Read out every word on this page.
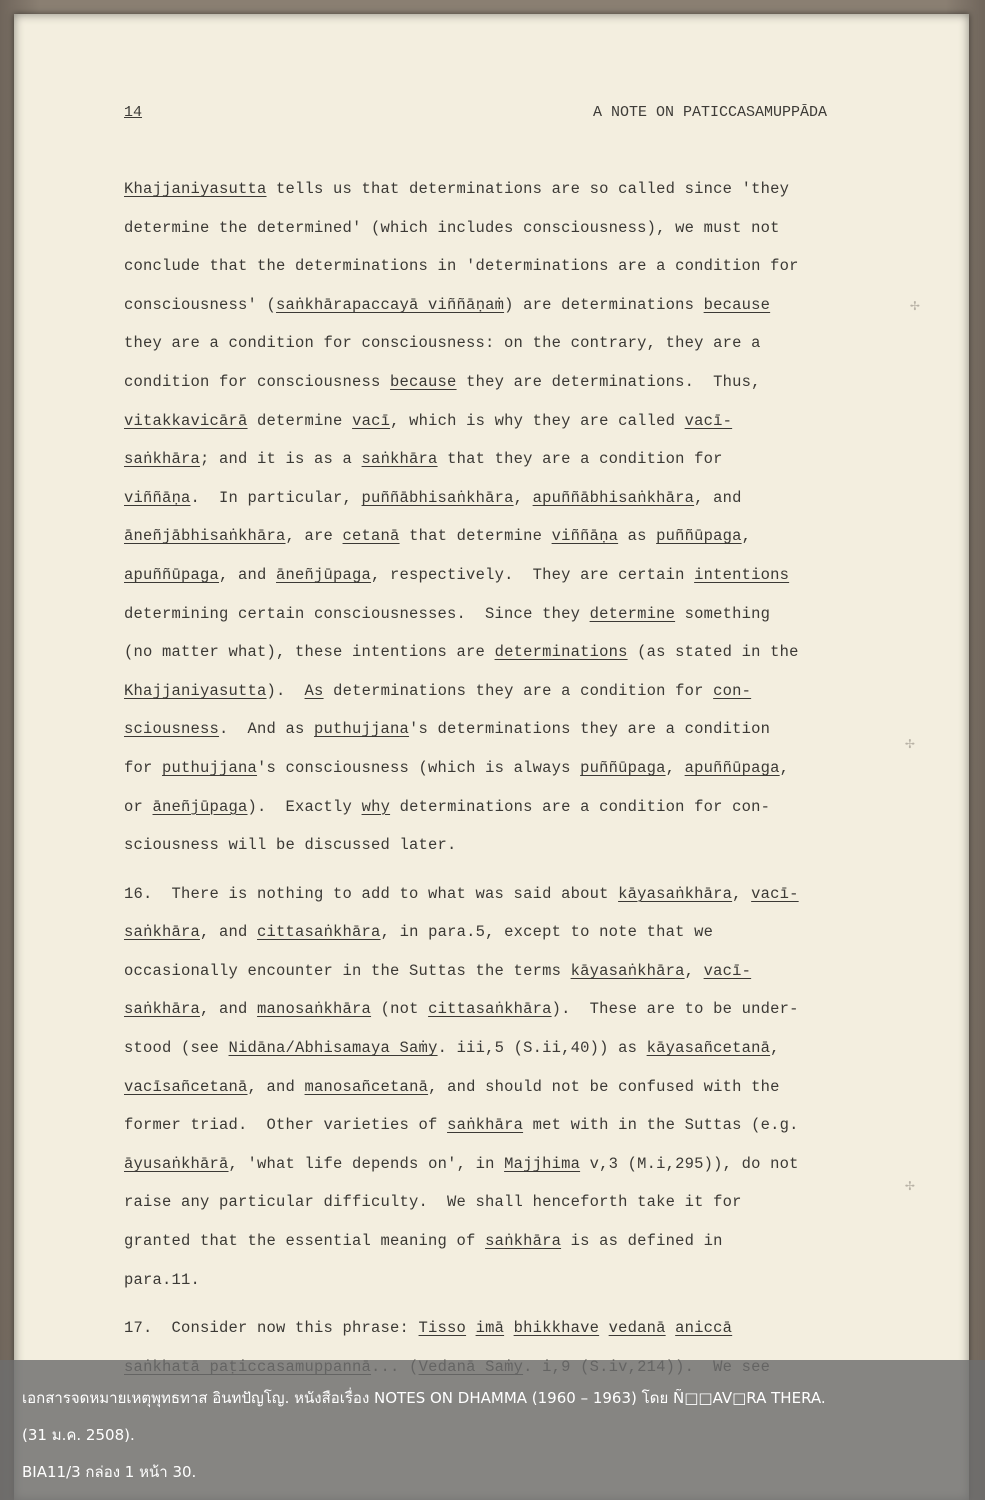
14	A NOTE ON PATICCASAMUPPĀDA
Khajjaniyasutta tells us that determinations are so called since 'they
determine the determined' (which includes consciousness), we must not
conclude that the determinations in 'determinations are a condition for
consciousness' (saṅkhārapaccayā viññāṇaṁ) are determinations because
they are a condition for consciousness: on the contrary, they are a
condition for consciousness because they are determinations.  Thus,
vitakkavicārā determine vacī, which is why they are called vacī-
saṅkhāra; and it is as a saṅkhāra that they are a condition for
viññāṇa.  In particular, puññābhisaṅkhāra, apuññābhisaṅkhāra, and
āneñjābhisaṅkhāra, are cetanā that determine viññāṇa as puññūpaga,
apuññūpaga, and āneñjūpaga, respectively.  They are certain intentions
determining certain consciousnesses.  Since they determine something
(no matter what), these intentions are determinations (as stated in the
Khajjaniyasutta).  As determinations they are a condition for con-
sciousness.  And as puthujjana's determinations they are a condition
for puthujjana's consciousness (which is always puññūpaga, apuññūpaga,
or āneñjūpaga).  Exactly why determinations are a condition for con-
sciousness will be discussed later.
16.  There is nothing to add to what was said about kāyasaṅkhāra, vacī-
saṅkhāra, and cittasaṅkhāra, in para.5, except to note that we
occasionally encounter in the Suttas the terms kāyasaṅkhāra, vacī-
saṅkhāra, and manosaṅkhāra (not cittasaṅkhāra).  These are to be under-
stood (see Nidāna/Abhisamaya Saṁy. iii,5 (S.ii,40)) as kāyasañcetanā,
vacīsañcetanā, and manosañcetanā, and should not be confused with the
former triad.  Other varieties of saṅkhāra met with in the Suttas (e.g.
āyusaṅkhārā, 'what life depends on', in Majjhima v,3 (M.i,295)), do not
raise any particular difficulty.  We shall henceforth take it for
granted that the essential meaning of saṅkhāra is as defined in
para.11.
17.  Consider now this phrase: Tisso imā bhikkhave vedanā aniccā
เอกสารจดหมายเหตุพุทธทาส อินทปัญโญ. หนังสือเรื่อง NOTES ON DHAMMA (1960 – 1963) โดย Ñ□□AV□RA THERA.
(31 ม.ค. 2508).
BIA11/3 กล่อง 1 หน้า 30.
